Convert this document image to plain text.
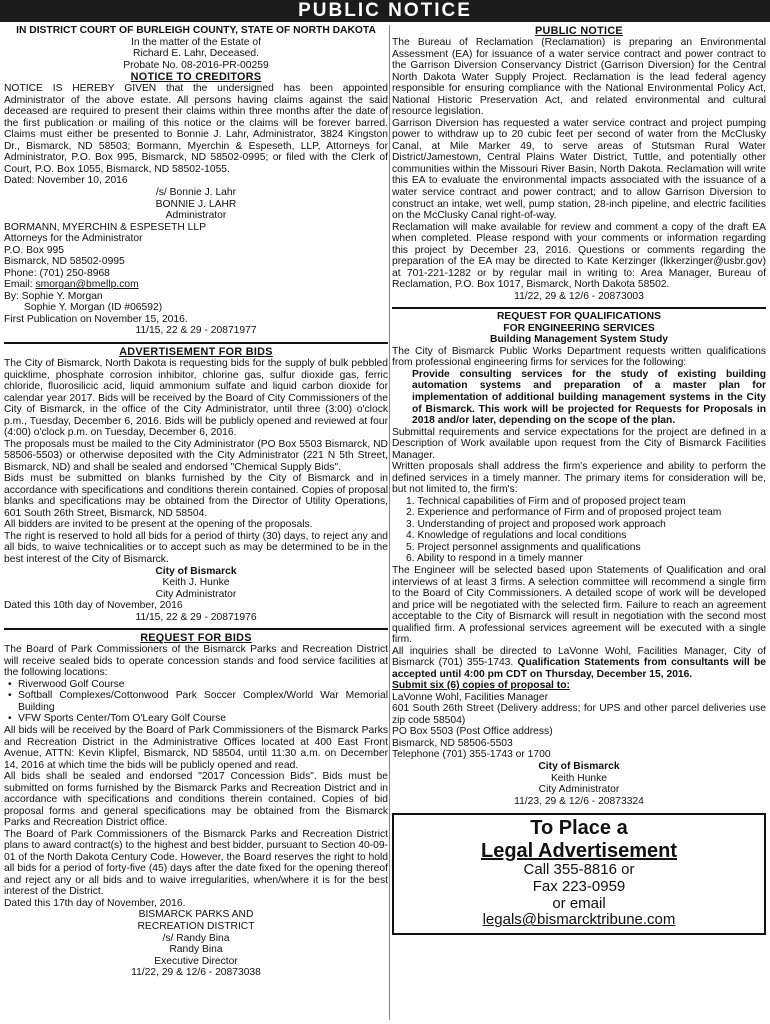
PUBLIC NOTICE
IN DISTRICT COURT OF BURLEIGH COUNTY, STATE OF NORTH DAKOTA
In the matter of the Estate of
Richard E. Lahr, Deceased.
Probate No. 08-2016-PR-00259
NOTICE TO CREDITORS
NOTICE IS HEREBY GIVEN that the undersigned has been appointed Administrator of the above estate. All persons having claims against the said deceased are required to present their claims within three months after the date of the first publication or mailing of this notice or the claims will be forever barred. Claims must either be presented to Bonnie J. Lahr, Administrator, 3824 Kingston Dr., Bismarck, ND 58503; Bormann, Myerchin & Espeseth, LLP, Attorneys for Administrator, P.O. Box 995, Bismarck, ND 58502-0995; or filed with the Clerk of Court, P.O. Box 1055, Bismarck, ND 58502-1055.
Dated: November 10, 2016
/s/ Bonnie J. Lahr
BONNIE J. LAHR
Administrator
BORMANN, MYERCHIN & ESPESETH LLP
Attorneys for the Administrator
P.O. Box 995
Bismarck, ND 58502-0995
Phone: (701) 250-8968
Email: smorgan@bmellp.com
By: Sophie Y. Morgan
Sophie Y. Morgan (ID #06592)
First Publication on November 15, 2016.
11/15, 22 & 29 - 20871977
ADVERTISEMENT FOR BIDS
The City of Bismarck, North Dakota is requesting bids for the supply of bulk pebbled quicklime, phosphate corrosion inhibitor, chlorine gas, sulfur dioxide gas, ferric chloride, fluorosilicic acid, liquid ammonium sulfate and liquid carbon dioxide for calendar year 2017. Bids will be received by the Board of City Commissioners of the City of Bismarck, in the office of the City Administrator, until three (3:00) o'clock p.m., Tuesday, December 6, 2016. Bids will be publicly opened and reviewed at four (4:00) o'clock p.m. on Tuesday, December 6, 2016.
The proposals must be mailed to the City Administrator (PO Box 5503 Bismarck, ND 58506-5503) or otherwise deposited with the City Administrator (221 N 5th Street, Bismarck, ND) and shall be sealed and endorsed "Chemical Supply Bids".
Bids must be submitted on blanks furnished by the City of Bismarck and in accordance with specifications and conditions therein contained. Copies of proposal blanks and specifications may be obtained from the Director of Utility Operations, 601 South 26th Street, Bismarck, ND 58504.
All bidders are invited to be present at the opening of the proposals.
The right is reserved to hold all bids for a period of thirty (30) days, to reject any and all bids, to waive technicalities or to accept such as may be determined to be in the best interest of the City of Bismarck.
City of Bismarck
Keith J. Hunke
City Administrator
Dated this 10th day of November, 2016
11/15, 22 & 29 - 20871976
REQUEST FOR BIDS
The Board of Park Commissioners of the Bismarck Parks and Recreation District will receive sealed bids to operate concession stands and food service facilities at the following locations:
• Riverwood Golf Course
• Softball Complexes/Cottonwood Park Soccer Complex/World War Memorial Building
• VFW Sports Center/Tom O'Leary Golf Course
All bids will be received by the Board of Park Commissioners of the Bismarck Parks and Recreation District in the Administrative Offices located at 400 East Front Avenue, ATTN: Kevin Klipfel, Bismarck, ND 58504, until 11:30 a.m. on December 14, 2016 at which time the bids will be publicly opened and read.
All bids shall be sealed and endorsed "2017 Concession Bids". Bids must be submitted on forms furnished by the Bismarck Parks and Recreation District and in accordance with specifications and conditions therein contained. Copies of bid proposal forms and general specifications may be obtained from the Bismarck Parks and Recreation District office.
The Board of Park Commissioners of the Bismarck Parks and Recreation District plans to award contract(s) to the highest and best bidder, pursuant to Section 40-09-01 of the North Dakota Century Code. However, the Board reserves the right to hold all bids for a period of forty-five (45) days after the date fixed for the opening thereof and reject any or all bids and to waive irregularities, when/where it is for the best interest of the District.
Dated this 17th day of November, 2016.
BISMARCK PARKS AND
RECREATION DISTRICT
/s/ Randy Bina
Randy Bina
Executive Director
11/22, 29 & 12/6 - 20873038
PUBLIC NOTICE
The Bureau of Reclamation (Reclamation) is preparing an Environmental Assessment (EA) for issuance of a water service contract and power contract to the Garrison Diversion Conservancy District (Garrison Diversion) for the Central North Dakota Water Supply Project. Reclamation is the lead federal agency responsible for ensuring compliance with the National Environmental Policy Act, National Historic Preservation Act, and related environmental and cultural resource legislation.
Garrison Diversion has requested a water service contract and project pumping power to withdraw up to 20 cubic feet per second of water from the McClusky Canal, at Mile Marker 49, to serve areas of Stutsman Rural Water District/Jamestown, Central Plains Water District, Tuttle, and potentially other communities within the Missouri River Basin, North Dakota. Reclamation will write this EA to evaluate the environmental impacts associated with the issuance of a water service contract and power contract; and to allow Garrison Diversion to construct an intake, wet well, pump station, 28-inch pipeline, and electric facilities on the McClusky Canal right-of-way.
Reclamation will make available for review and comment a copy of the draft EA when completed. Please respond with your comments or information regarding this project by December 23, 2016. Questions or comments regarding the preparation of the EA may be directed to Kate Kerzinger (lkkerzinger@usbr.gov) at 701-221-1282 or by regular mail in writing to: Area Manager, Bureau of Reclamation, P.O. Box 1017, Bismarck, North Dakota 58502.
11/22, 29 & 12/6 - 20873003
REQUEST FOR QUALIFICATIONS
FOR ENGINEERING SERVICES
Building Management System Study
The City of Bismarck Public Works Department requests written qualifications from professional engineering firms for services for the following:
Provide consulting services for the study of existing building automation systems and preparation of a master plan for implementation of additional building management systems in the City of Bismarck. This work will be projected for Requests for Proposals in 2018 and/or later, depending on the scope of the plan.
Submittal requirements and service expectations for the project are defined in a Description of Work available upon request from the City of Bismarck Facilities Manager.
Written proposals shall address the firm's experience and ability to perform the defined services in a timely manner. The primary items for consideration will be, but not limited to, the firm's:
1. Technical capabilities of Firm and of proposed project team
2. Experience and performance of Firm and of proposed project team
3. Understanding of project and proposed work approach
4. Knowledge of regulations and local conditions
5. Project personnel assignments and qualifications
6. Ability to respond in a timely manner
The Engineer will be selected based upon Statements of Qualification and oral interviews of at least 3 firms. A selection committee will recommend a single firm to the Board of City Commissioners. A detailed scope of work will be developed and price will be negotiated with the selected firm. Failure to reach an agreement acceptable to the City of Bismarck will result in negotiation with the second most qualified firm. A professional services agreement will be executed with a single firm.
All inquiries shall be directed to LaVonne Wohl, Facilities Manager, City of Bismarck (701) 355-1743. Qualification Statements from consultants will be accepted until 4:00 pm CDT on Thursday, December 15, 2016.
Submit six (6) copies of proposal to:
LaVonne Wohl, Facilities Manager
601 South 26th Street (Delivery address; for UPS and other parcel deliveries use zip code 58504)
PO Box 5503 (Post Office address)
Bismarck, ND 58506-5503
Telephone (701) 355-1743 or 1700
City of Bismarck
Keith Hunke
City Administrator
11/23, 29 & 12/6 - 20873324
To Place a
Legal Advertisement
Call 355-8816 or
Fax 223-0959
or email
legals@bismarcktribune.com
